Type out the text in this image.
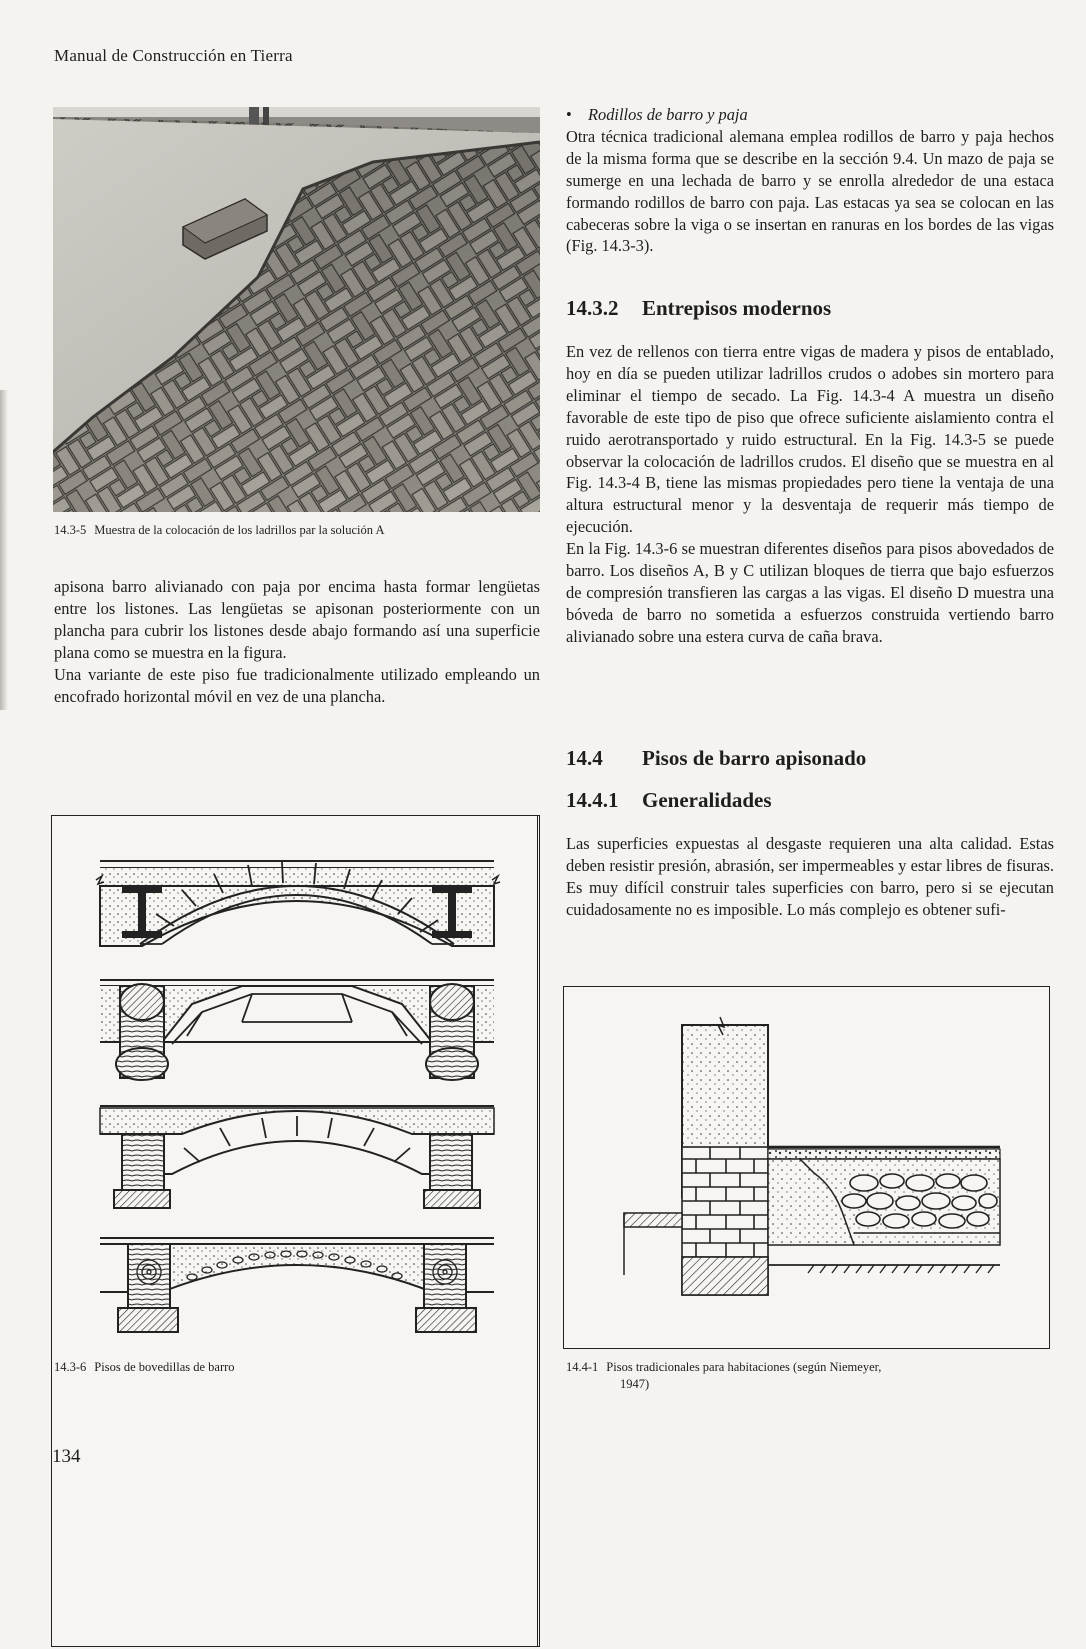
Manual de Construcción en Tierra
14.3-5 Muestra de la colocación de los ladrillos par la solución A

apisona barro alivianado con paja por encima hasta formar lengüetas entre los listones. Las lengüetas se apisonan posteriormente con un plancha para cubrir los listones desde abajo formando así una superficie plana como se muestra en la figura.

Una variante de este piso fue tradicionalmente utilizado empleando un encofrado horizontal móvil en vez de una plancha.

14.3-6 Pisos de bovedillas de barro
134

• Rodillos de barro y paja

Otra técnica tradicional alemana emplea rodillos de barro y paja hechos de la misma forma que se describe en la sección 9.4. Un mazo de paja se sumerge en una lechada de barro y se enrolla alrededor de una estaca formando rodillos de barro con paja. Las estacas ya sea se colocan en las cabeceras sobre la viga o se insertan en ranuras en los bordes de las vigas (Fig. 14.3-3).

14.3.2 Entrepisos modernos

En vez de rellenos con tierra entre vigas de madera y pisos de entablado, hoy en día se pueden utilizar ladrillos crudos o adobes sin mortero para eliminar el tiempo de secado. La Fig. 14.3-4 A muestra un diseño favorable de este tipo de piso que ofrece suficiente aislamiento contra el ruido aerotransportado y ruido estructural. En la Fig. 14.3-5 se puede observar la colocación de ladrillos crudos. El diseño que se muestra en al Fig. 14.3-4 B, tiene las mismas propiedades pero tiene la ventaja de una altura estructural menor y la desventaja de requerir más tiempo de ejecución.

En la Fig. 14.3-6 se muestran diferentes diseños para pisos abovedados de barro. Los diseños A, B y C utilizan bloques de tierra que bajo esfuerzos de compresión transfieren las cargas a las vigas. El diseño D muestra una bóveda de barro no sometida a esfuerzos construida vertiendo barro alivianado sobre una estera curva de caña brava.

14.4 Pisos de barro apisonado
14.4.1 Generalidades

Las superficies expuestas al desgaste requieren una alta calidad. Estas deben resistir presión, abrasión, ser impermeables y estar libres de fisuras. Es muy difícil construir tales superficies con barro, pero si se ejecutan cuidadosamente no es imposible. Lo más complejo es obtener sufi-

14.4-1 Pisos tradicionales para habitaciones (según Niemeyer,
1947)
